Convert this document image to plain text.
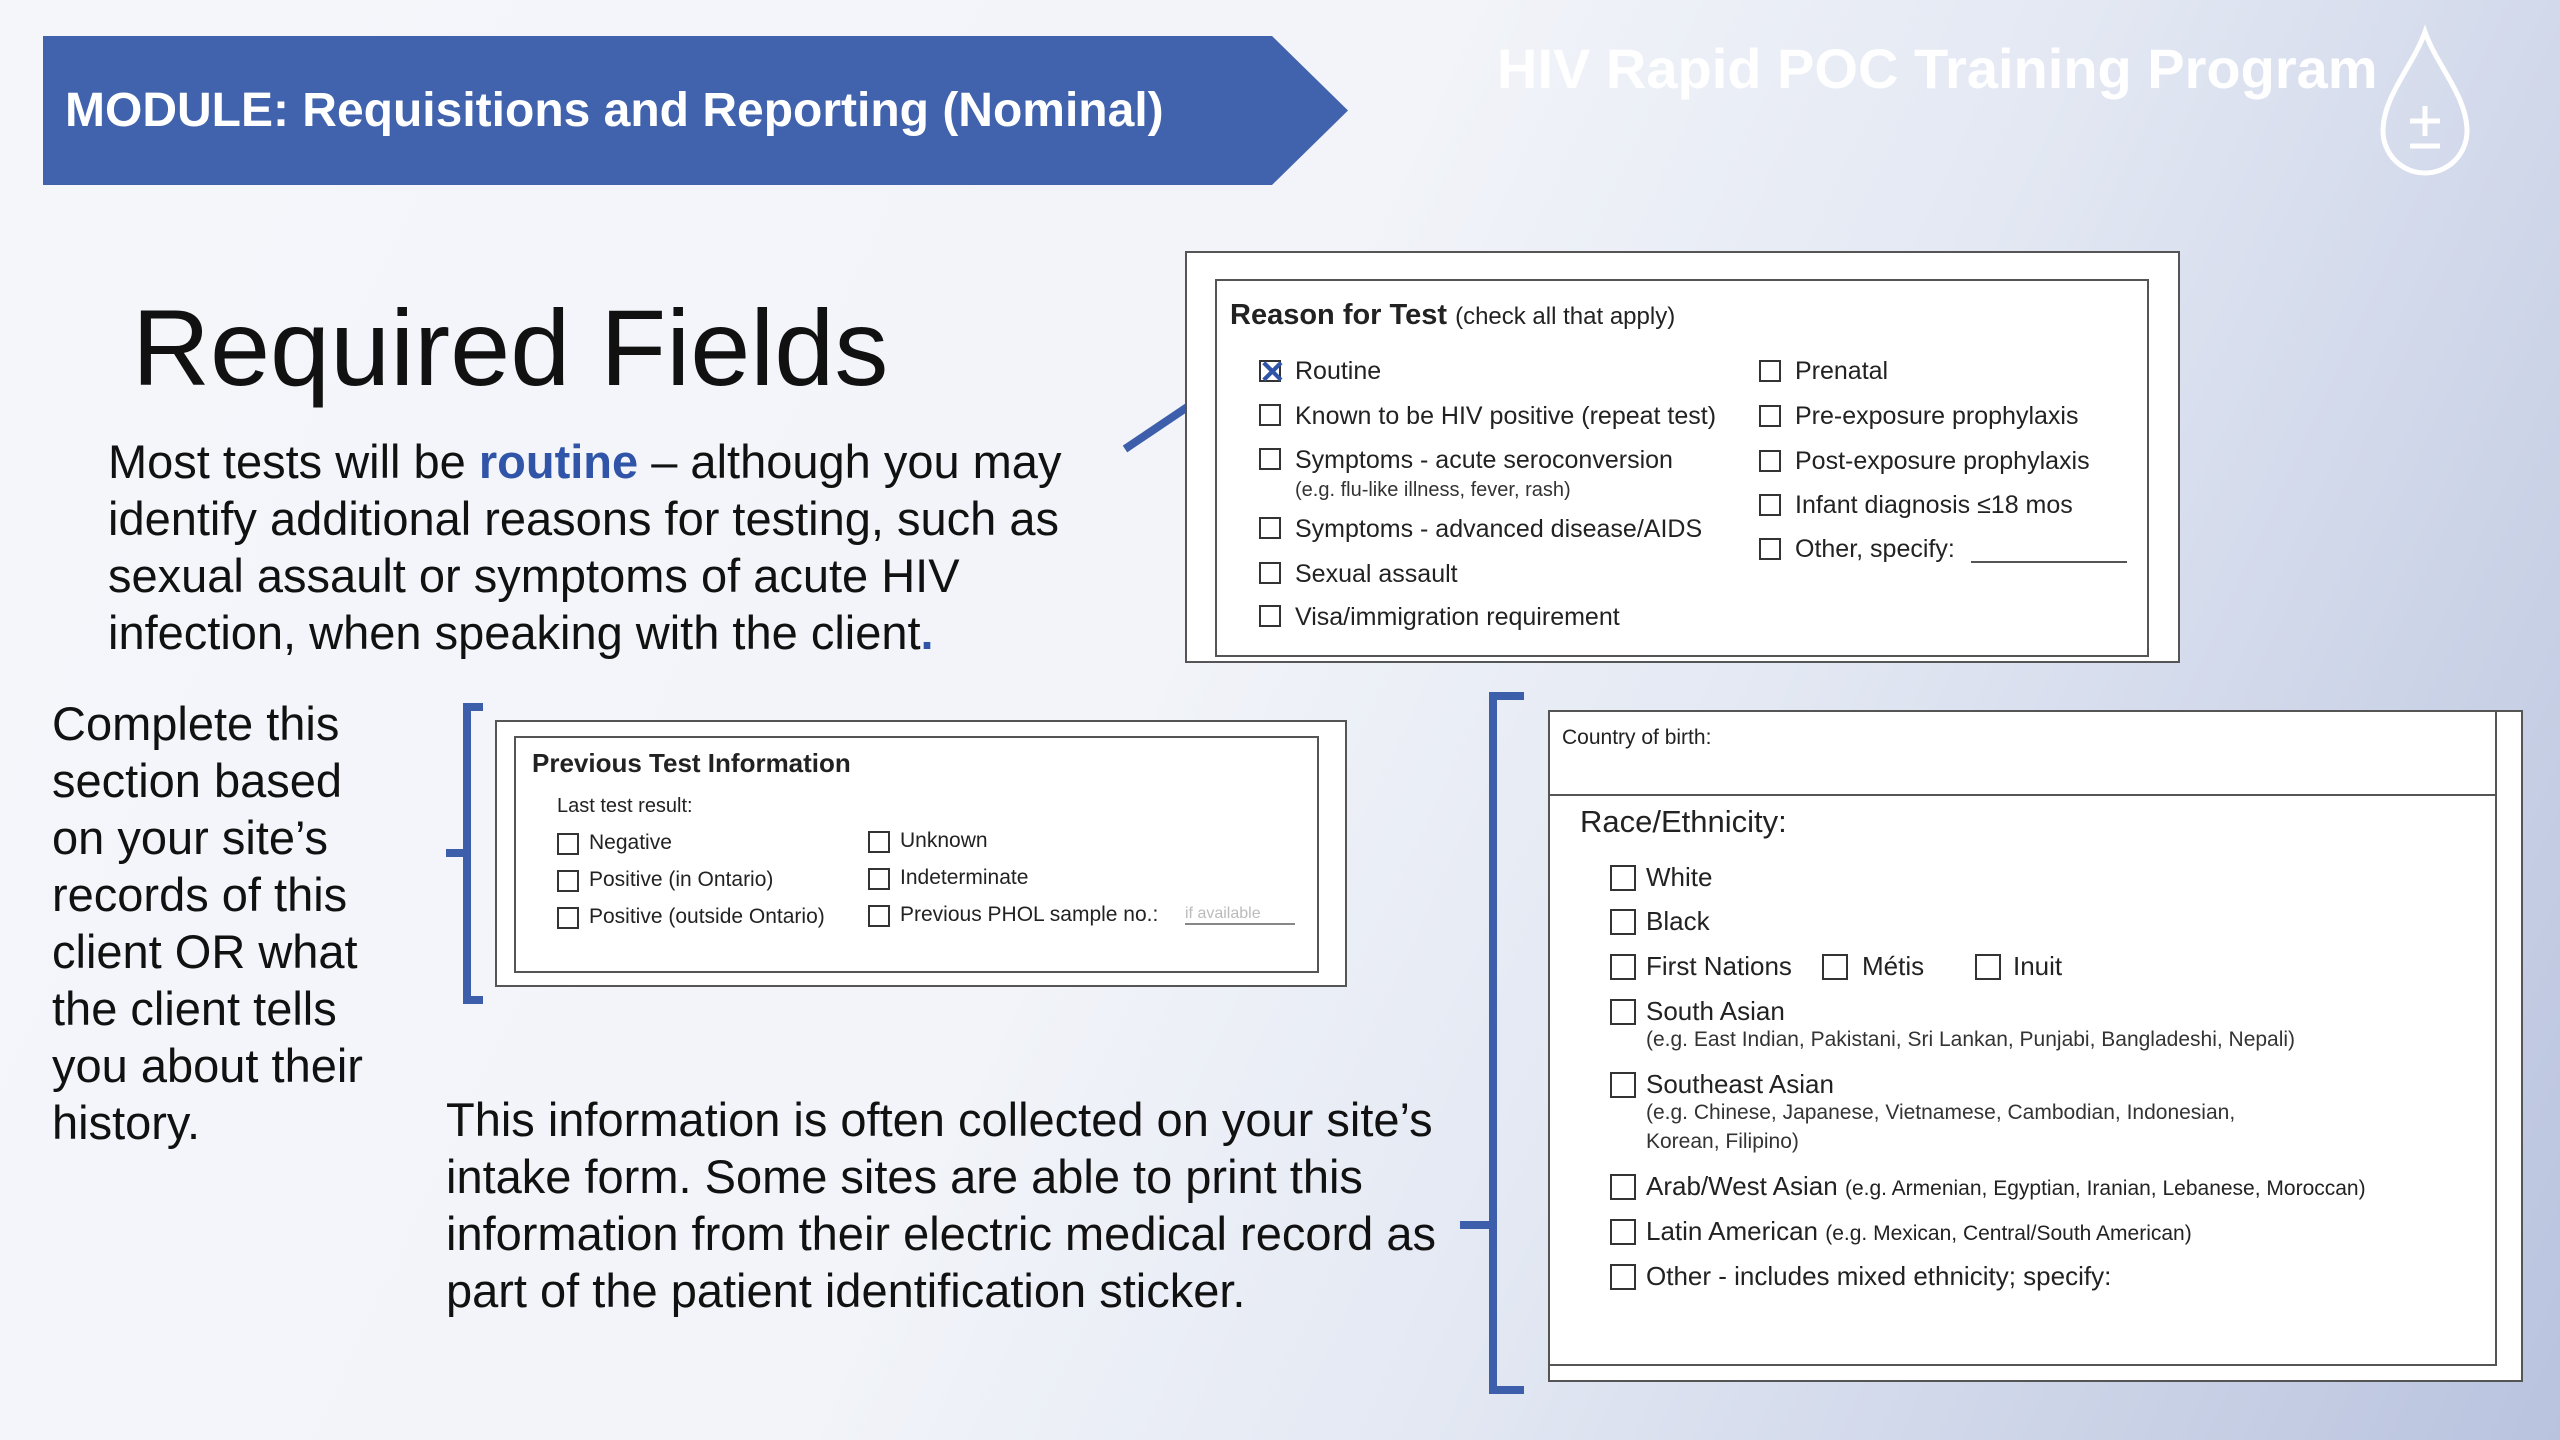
MODULE: Requisitions and Reporting (Nominal)
HIV Rapid POC Training Program
Required Fields
Most tests will be routine – although you may identify additional reasons for testing, such as sexual assault or symptoms of acute HIV infection, when speaking with the client.
Reason for Test (check all that apply)
✕ Routine
Known to be HIV positive (repeat test)
Symptoms - acute seroconversion
(e.g. flu-like illness, fever, rash)
Symptoms - advanced disease/AIDS
Sexual assault
Visa/immigration requirement
Prenatal
Pre-exposure prophylaxis
Post-exposure prophylaxis
Infant diagnosis ≤18 mos
Other, specify:
Complete this section based on your site’s records of this client OR what the client tells you about their history.
Previous Test Information
Last test result:
Negative
Positive (in Ontario)
Positive (outside Ontario)
Unknown
Indeterminate
Previous PHOL sample no.: if available
This information is often collected on your site’s intake form. Some sites are able to print this information from their electric medical record as part of the patient identification sticker.
Country of birth:
Race/Ethnicity:
White
Black
First Nations	Métis	Inuit
South Asian
(e.g. East Indian, Pakistani, Sri Lankan, Punjabi, Bangladeshi, Nepali)
Southeast Asian
(e.g. Chinese, Japanese, Vietnamese, Cambodian, Indonesian,
Korean, Filipino)
Arab/West Asian (e.g. Armenian, Egyptian, Iranian, Lebanese, Moroccan)
Latin American (e.g. Mexican, Central/South American)
Other - includes mixed ethnicity; specify:
